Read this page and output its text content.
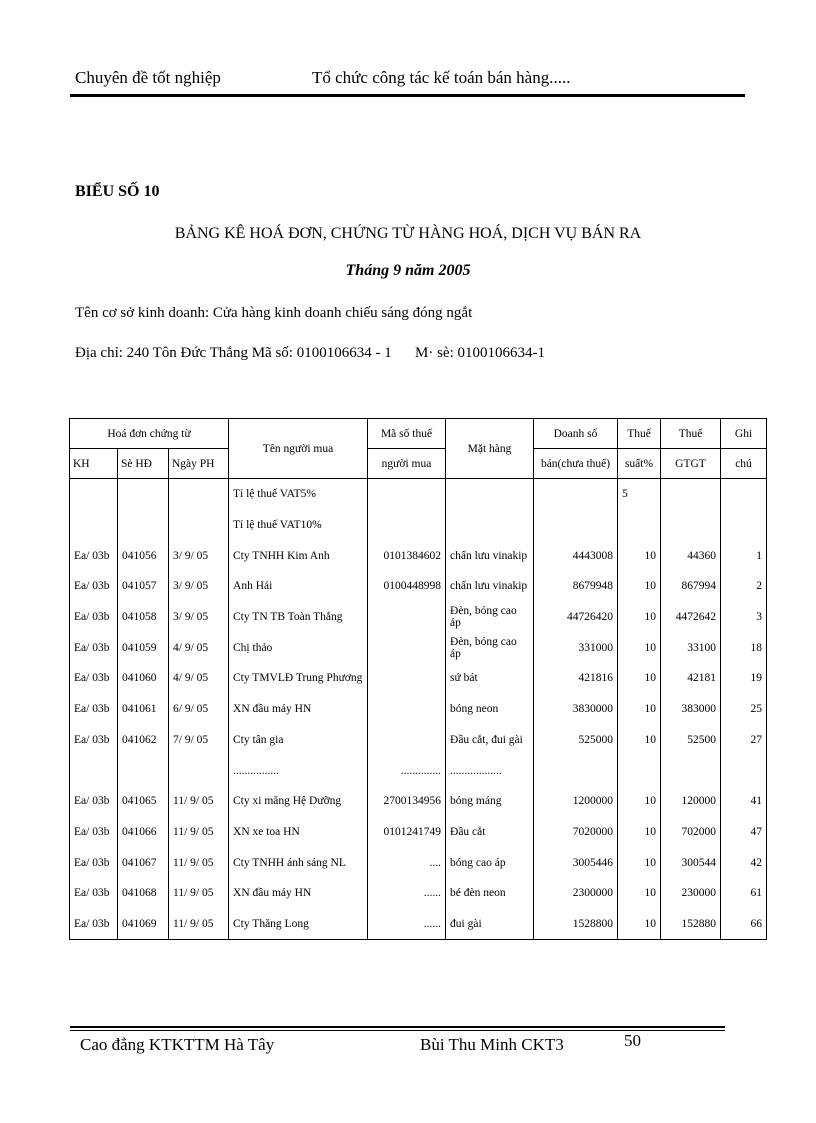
Chuyên đề tốt nghiệp	Tổ chức công tác kế toán bán hàng.....
BIỂU SỐ 10
BẢNG KÊ HOÁ ĐƠN, CHỨNG TỪ HÀNG HOÁ, DỊCH VỤ BÁN RA
Tháng 9 năm 2005
Tên cơ sở kinh doanh: Cửa hàng kinh doanh chiếu sáng đóng ngắt
Địa chỉ: 240 Tôn Đức Thắng Mã số: 0100106634 - 1 M· sè: 0100106634-1
Hoá đơn chứng từ			Tên người mua	Mã số thuế	Mặt hàng	Doanh số	Thuế	Thuế	Ghi
KH	Sè HĐ	Ngày PH		người mua		bán(chưa thuế)	suất%	GTGT	chú
			Tỉ lệ thuế VAT5%				5		
			Tỉ lệ thuế VAT10%						
Ea/ 03b	041056	3/ 9/ 05	Cty TNHH Kim Anh	0101384602	chấn lưu vinakip	4443008	10	44360	1
Ea/ 03b	041057	3/ 9/ 05	Anh Hải	0100448998	chấn lưu vinakip	8679948	10	867994	2
Ea/ 03b	041058	3/ 9/ 05	Cty TN TB Toàn Thắng		Đèn, bóng cao áp	44726420	10	4472642	3
Ea/ 03b	041059	4/ 9/ 05	Chị thảo		Đèn, bóng cao áp	331000	10	33100	18
Ea/ 03b	041060	4/ 9/ 05	Cty TMVLĐ Trung Phương		sứ bát	421816	10	42181	19
Ea/ 03b	041061	6/ 9/ 05	XN đầu máy HN		bóng neon	3830000	10	383000	25
Ea/ 03b	041062	7/ 9/ 05	Cty tân gia		Đầu cắt, đui gài	525000	10	52500	27
			................	..............	..................				
Ea/ 03b	041065	11/ 9/ 05	Cty xi măng Hệ Dưỡng	2700134956	bóng máng	1200000	10	120000	41
Ea/ 03b	041066	11/ 9/ 05	XN xe toa HN	0101241749	Đầu cắt	7020000	10	702000	47
Ea/ 03b	041067	11/ 9/ 05	Cty TNHH ánh sáng NL	....	bóng cao áp	3005446	10	300544	42
Ea/ 03b	041068	11/ 9/ 05	XN đầu máy HN	......	bé đèn neon	2300000	10	230000	61
Ea/ 03b	041069	11/ 9/ 05	Cty Thăng Long	......	đui gài	1528800	10	152880	66
Cao đẳng KTKTTM Hà Tây	Bùi Thu Minh CKT3	50
